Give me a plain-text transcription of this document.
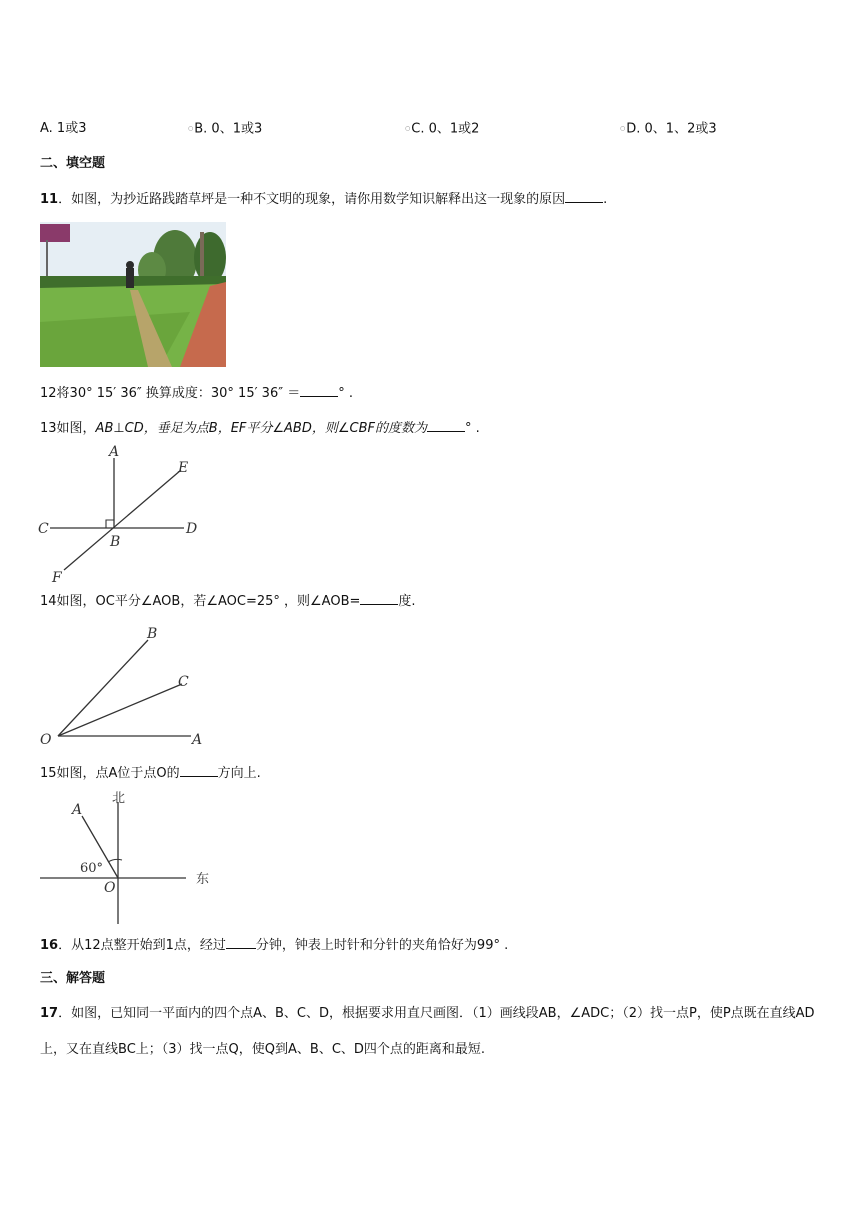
A. 1或3	○B. 0、1或3	○C. 0、1或2	○D. 0、1、2或3
二、填空题
11．如图，为抄近路践踏草坪是一种不文明的现象，请你用数学知识解释出这一现象的原因	.
12将30° 15′ 36″ 换算成度：30° 15′ 36″ ＝	° .
13如图，AB⊥CD，垂足为点B，EF平分∠ABD，则∠CBF的度数为	° .
A
B
C	D
E
F
14如图，OC平分∠AOB，若∠AOC=25° ，则∠AOB=	度.
O	A
B
C
15如图，点A位于点O的	方向上.
北
东
60°
A
O
16．从12点整开始到1点，经过 分钟，钟表上时针和分针的夹角恰好为99° .
三、解答题
17．如图，已知同一平面内的四个点A、B、C、D，根据要求用直尺画图．（1）画线段AB，∠ADC；（2）找一点P，使P点既在直线AD上，又在直线BC上；（3）找一点Q，使Q到A、B、C、D四个点的距离和最短.
